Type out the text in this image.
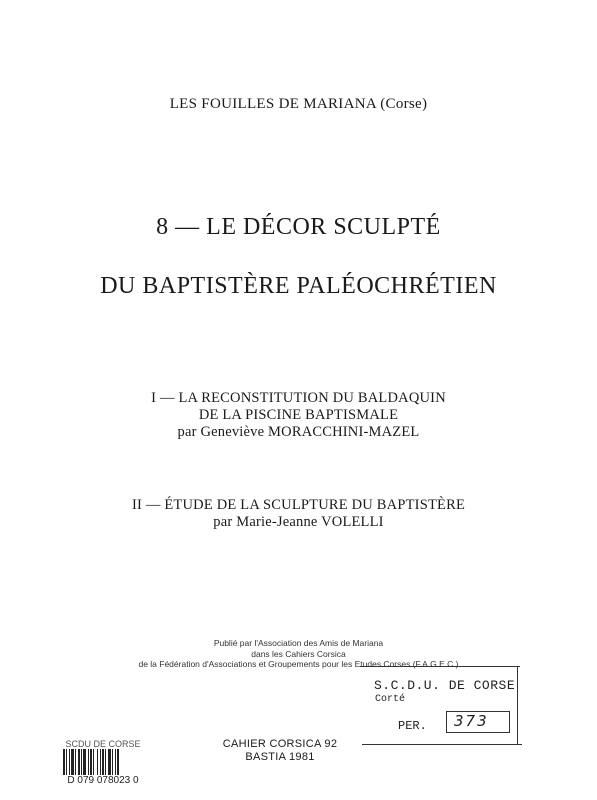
LES FOUILLES DE MARIANA (Corse)
8 — LE DÉCOR SCULPTÉ
DU BAPTISTÈRE PALÉOCHRÉTIEN
I — LA RECONSTITUTION DU BALDAQUIN
DE LA PISCINE BAPTISMALE
par Geneviève MORACCHINI-MAZEL
II — ÉTUDE DE LA SCULPTURE DU BAPTISTÈRE
par Marie-Jeanne VOLELLI
Publié par l'Association des Amis de Mariana
dans les Cahiers Corsica
de la Fédération d'Associations et Groupements pour les Etudes Corses (F.A.G.E.C.)
S.C.D.U. DE CORSE
Corté
PER. 373
SCDU DE CORSE
D 079 078023 0
CAHIER CORSICA 92
BASTIA 1981
